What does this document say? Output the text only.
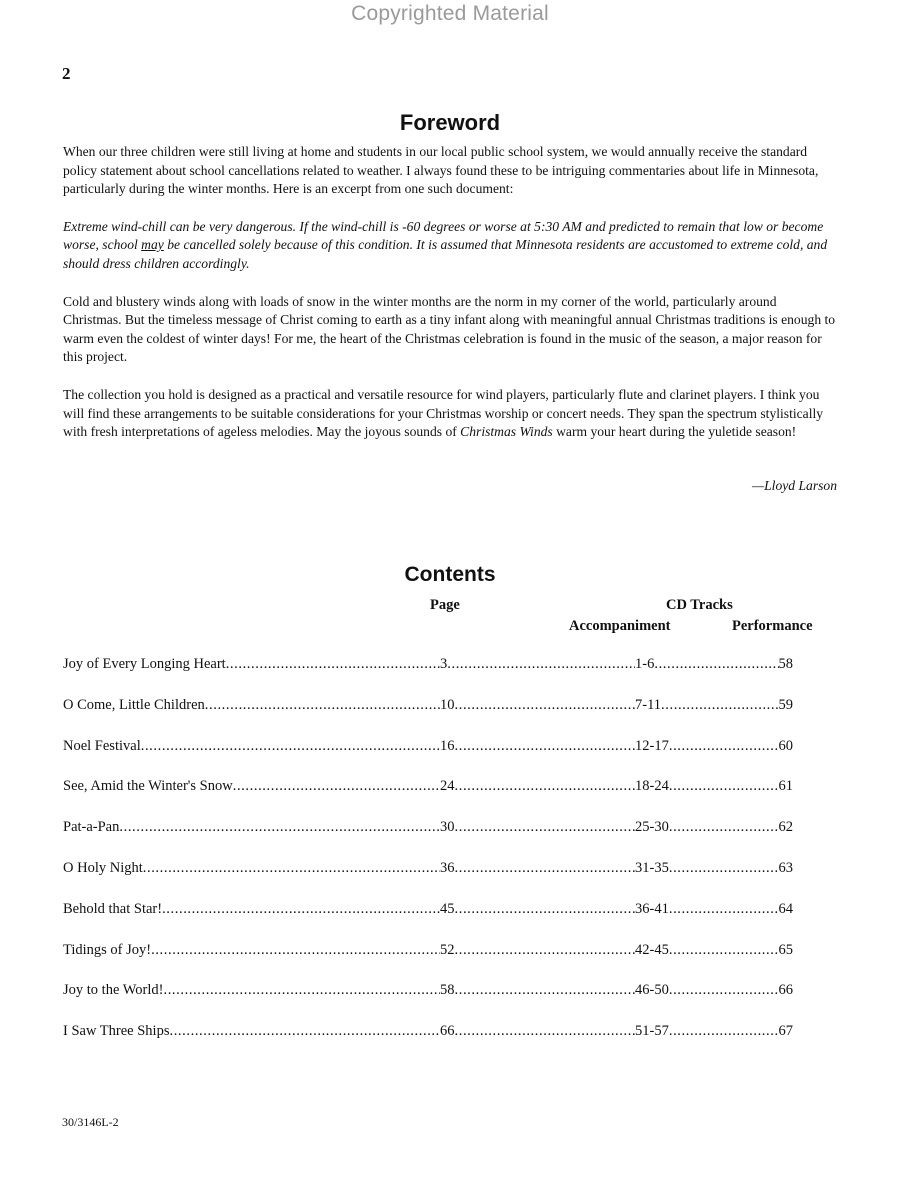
Copyrighted Material
2
Foreword

When our three children were still living at home and students in our local public school system, we would annually receive the standard policy statement about school cancellations related to weather. I always found these to be intriguing commentaries about life in Minnesota, particularly during the winter months. Here is an excerpt from one such document:

Extreme wind-chill can be very dangerous. If the wind-chill is -60 degrees or worse at 5:30 AM and predicted to remain that low or become worse, school may be cancelled solely because of this condition. It is assumed that Minnesota residents are accustomed to extreme cold, and should dress children accordingly.

Cold and blustery winds along with loads of snow in the winter months are the norm in my corner of the world, particularly around Christmas. But the timeless message of Christ coming to earth as a tiny infant along with meaningful annual Christmas traditions is enough to warm even the coldest of winter days! For me, the heart of the Christmas celebration is found in the music of the season, a major reason for this project.

The collection you hold is designed as a practical and versatile resource for wind players, particularly flute and clarinet players. I think you will find these arrangements to be suitable considerations for your Christmas worship or concert needs. They span the spectrum stylistically with fresh interpretations of ageless melodies. May the joyous sounds of Christmas Winds warm your heart during the yuletide season!

—Lloyd Larson
Contents
Page	CD Tracks
Accompaniment	Performance
Joy of Every Longing Heart .....	3 .....	1-6 .....	58
O Come, Little Children .....	10 .....	7-11 .....	59
Noel Festival .....	16 .....	12-17 .....	60
See, Amid the Winter's Snow .....	24 .....	18-24 .....	61
Pat-a-Pan .....	30 .....	25-30 .....	62
O Holy Night .....	36 .....	31-35 .....	63
Behold that Star! .....	45 .....	36-41 .....	64
Tidings of Joy! .....	52 .....	42-45 .....	65
Joy to the World! .....	58 .....	46-50 .....	66
I Saw Three Ships .....	66 .....	51-57 .....	67
30/3146L-2
